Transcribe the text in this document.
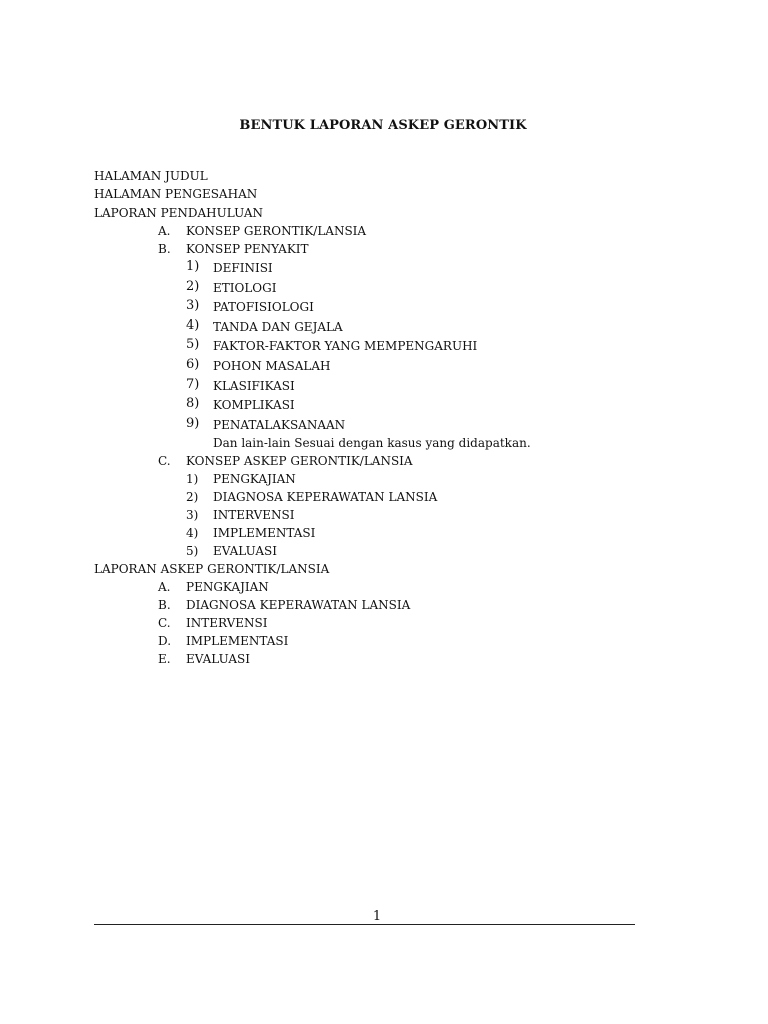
BENTUK LAPORAN ASKEP GERONTIK
HALAMAN JUDUL
HALAMAN PENGESAHAN
LAPORAN PENDAHULUAN
A. KONSEP GERONTIK/LANSIA
B. KONSEP PENYAKIT
1) DEFINISI
2) ETIOLOGI
3) PATOFISIOLOGI
4) TANDA DAN GEJALA
5) FAKTOR-FAKTOR YANG MEMPENGARUHI
6) POHON MASALAH
7) KLASIFIKASI
8) KOMPLIKASI
9) PENATALAKSANAAN
Dan lain-lain Sesuai dengan kasus yang didapatkan.
C. KONSEP ASKEP GERONTIK/LANSIA
1) PENGKAJIAN
2) DIAGNOSA KEPERAWATAN LANSIA
3) INTERVENSI
4) IMPLEMENTASI
5) EVALUASI
LAPORAN ASKEP GERONTIK/LANSIA
A. PENGKAJIAN
B. DIAGNOSA KEPERAWATAN LANSIA
C. INTERVENSI
D. IMPLEMENTASI
E. EVALUASI
1
